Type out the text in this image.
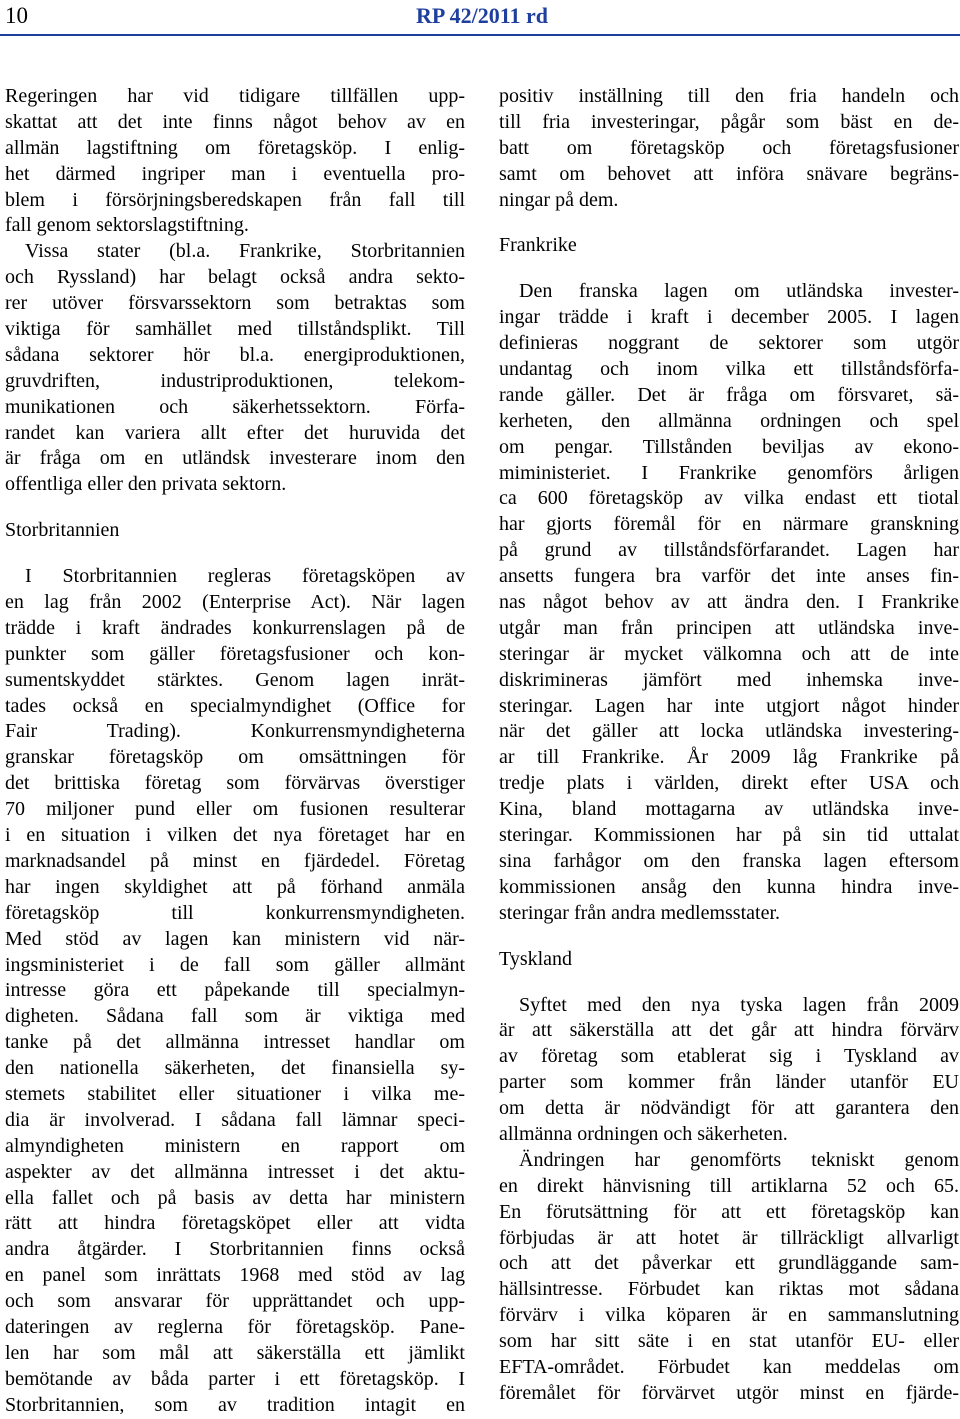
10	RP 42/2011 rd
Regeringen har vid tidigare tillfällen upp-
skattat att det inte finns något behov av en
allmän lagstiftning om företagsköp. I enlig-
het därmed ingriper man i eventuella pro-
blem i försörjningsberedskapen från fall till
fall genom sektorslagstiftning.
Vissa stater (bl.a. Frankrike, Storbritannien
och Ryssland) har belagt också andra sekto-
rer utöver försvarssektorn som betraktas som
viktiga för samhället med tillståndsplikt. Till
sådana sektorer hör bl.a. energiproduktionen,
gruvdriften, industriproduktionen, telekom-
munikationen och säkerhetssektorn. Förfa-
randet kan variera allt efter det huruvida det
är fråga om en utländsk investerare inom den
offentliga eller den privata sektorn.
Storbritannien
I Storbritannien regleras företagsköpen av
en lag från 2002 (Enterprise Act). När lagen
trädde i kraft ändrades konkurrenslagen på de
punkter som gäller företagsfusioner och kon-
sumentskyddet stärktes. Genom lagen inrät-
tades också en specialmyndighet (Office for
Fair Trading). Konkurrensmyndigheterna
granskar företagsköp om omsättningen för
det brittiska företag som förvärvas överstiger
70 miljoner pund eller om fusionen resulterar
i en situation i vilken det nya företaget har en
marknadsandel på minst en fjärdedel. Företag
har ingen skyldighet att på förhand anmäla
företagsköp till konkurrensmyndigheten.
Med stöd av lagen kan ministern vid när-
ingsministeriet i de fall som gäller allmänt
intresse göra ett påpekande till specialmyn-
digheten. Sådana fall som är viktiga med
tanke på det allmänna intresset handlar om
den nationella säkerheten, det finansiella sy-
stemets stabilitet eller situationer i vilka me-
dia är involverad. I sådana fall lämnar speci-
almyndigheten ministern en rapport om
aspekter av det allmänna intresset i det aktu-
ella fallet och på basis av detta har ministern
rätt att hindra företagsköpet eller att vidta
andra åtgärder. I Storbritannien finns också
en panel som inrättats 1968 med stöd av lag
och som ansvarar för upprättandet och upp-
dateringen av reglerna för företagsköp. Pane-
len har som mål att säkerställa ett jämlikt
bemötande av båda parter i ett företagsköp. I
Storbritannien, som av tradition intagit en
positiv inställning till den fria handeln och
till fria investeringar, pågår som bäst en de-
batt om företagsköp och företagsfusioner
samt om behovet att införa snävare begräns-
ningar på dem.
Frankrike
Den franska lagen om utländska invester-
ingar trädde i kraft i december 2005. I lagen
definieras noggrant de sektorer som utgör
undantag och inom vilka ett tillståndsförfa-
rande gäller. Det är fråga om försvaret, sä-
kerheten, den allmänna ordningen och spel
om pengar. Tillstånden beviljas av ekono-
miministeriet. I Frankrike genomförs årligen
ca 600 företagsköp av vilka endast ett tiotal
har gjorts föremål för en närmare granskning
på grund av tillståndsförfarandet. Lagen har
ansetts fungera bra varför det inte anses fin-
nas något behov av att ändra den. I Frankrike
utgår man från principen att utländska inve-
steringar är mycket välkomna och att de inte
diskrimineras jämfört med inhemska inve-
steringar. Lagen har inte utgjort något hinder
när det gäller att locka utländska investering-
ar till Frankrike. År 2009 låg Frankrike på
tredje plats i världen, direkt efter USA och
Kina, bland mottagarna av utländska inve-
steringar. Kommissionen har på sin tid uttalat
sina farhågor om den franska lagen eftersom
kommissionen ansåg den kunna hindra inve-
steringar från andra medlemsstater.
Tyskland
Syftet med den nya tyska lagen från 2009
är att säkerställa att det går att hindra förvärv
av företag som etablerat sig i Tyskland av
parter som kommer från länder utanför EU
om detta är nödvändigt för att garantera den
allmänna ordningen och säkerheten.
Ändringen har genomförts tekniskt genom
en direkt hänvisning till artiklarna 52 och 65.
En förutsättning för att ett företagsköp kan
förbjudas är att hotet är tillräckligt allvarligt
och att det påverkar ett grundläggande sam-
hällsintresse. Förbudet kan riktas mot sådana
förvärv i vilka köparen är en sammanslutning
som har sitt säte i en stat utanför EU- eller
EFTA-området. Förbudet kan meddelas om
föremålet för förvärvet utgör minst en fjärde-
